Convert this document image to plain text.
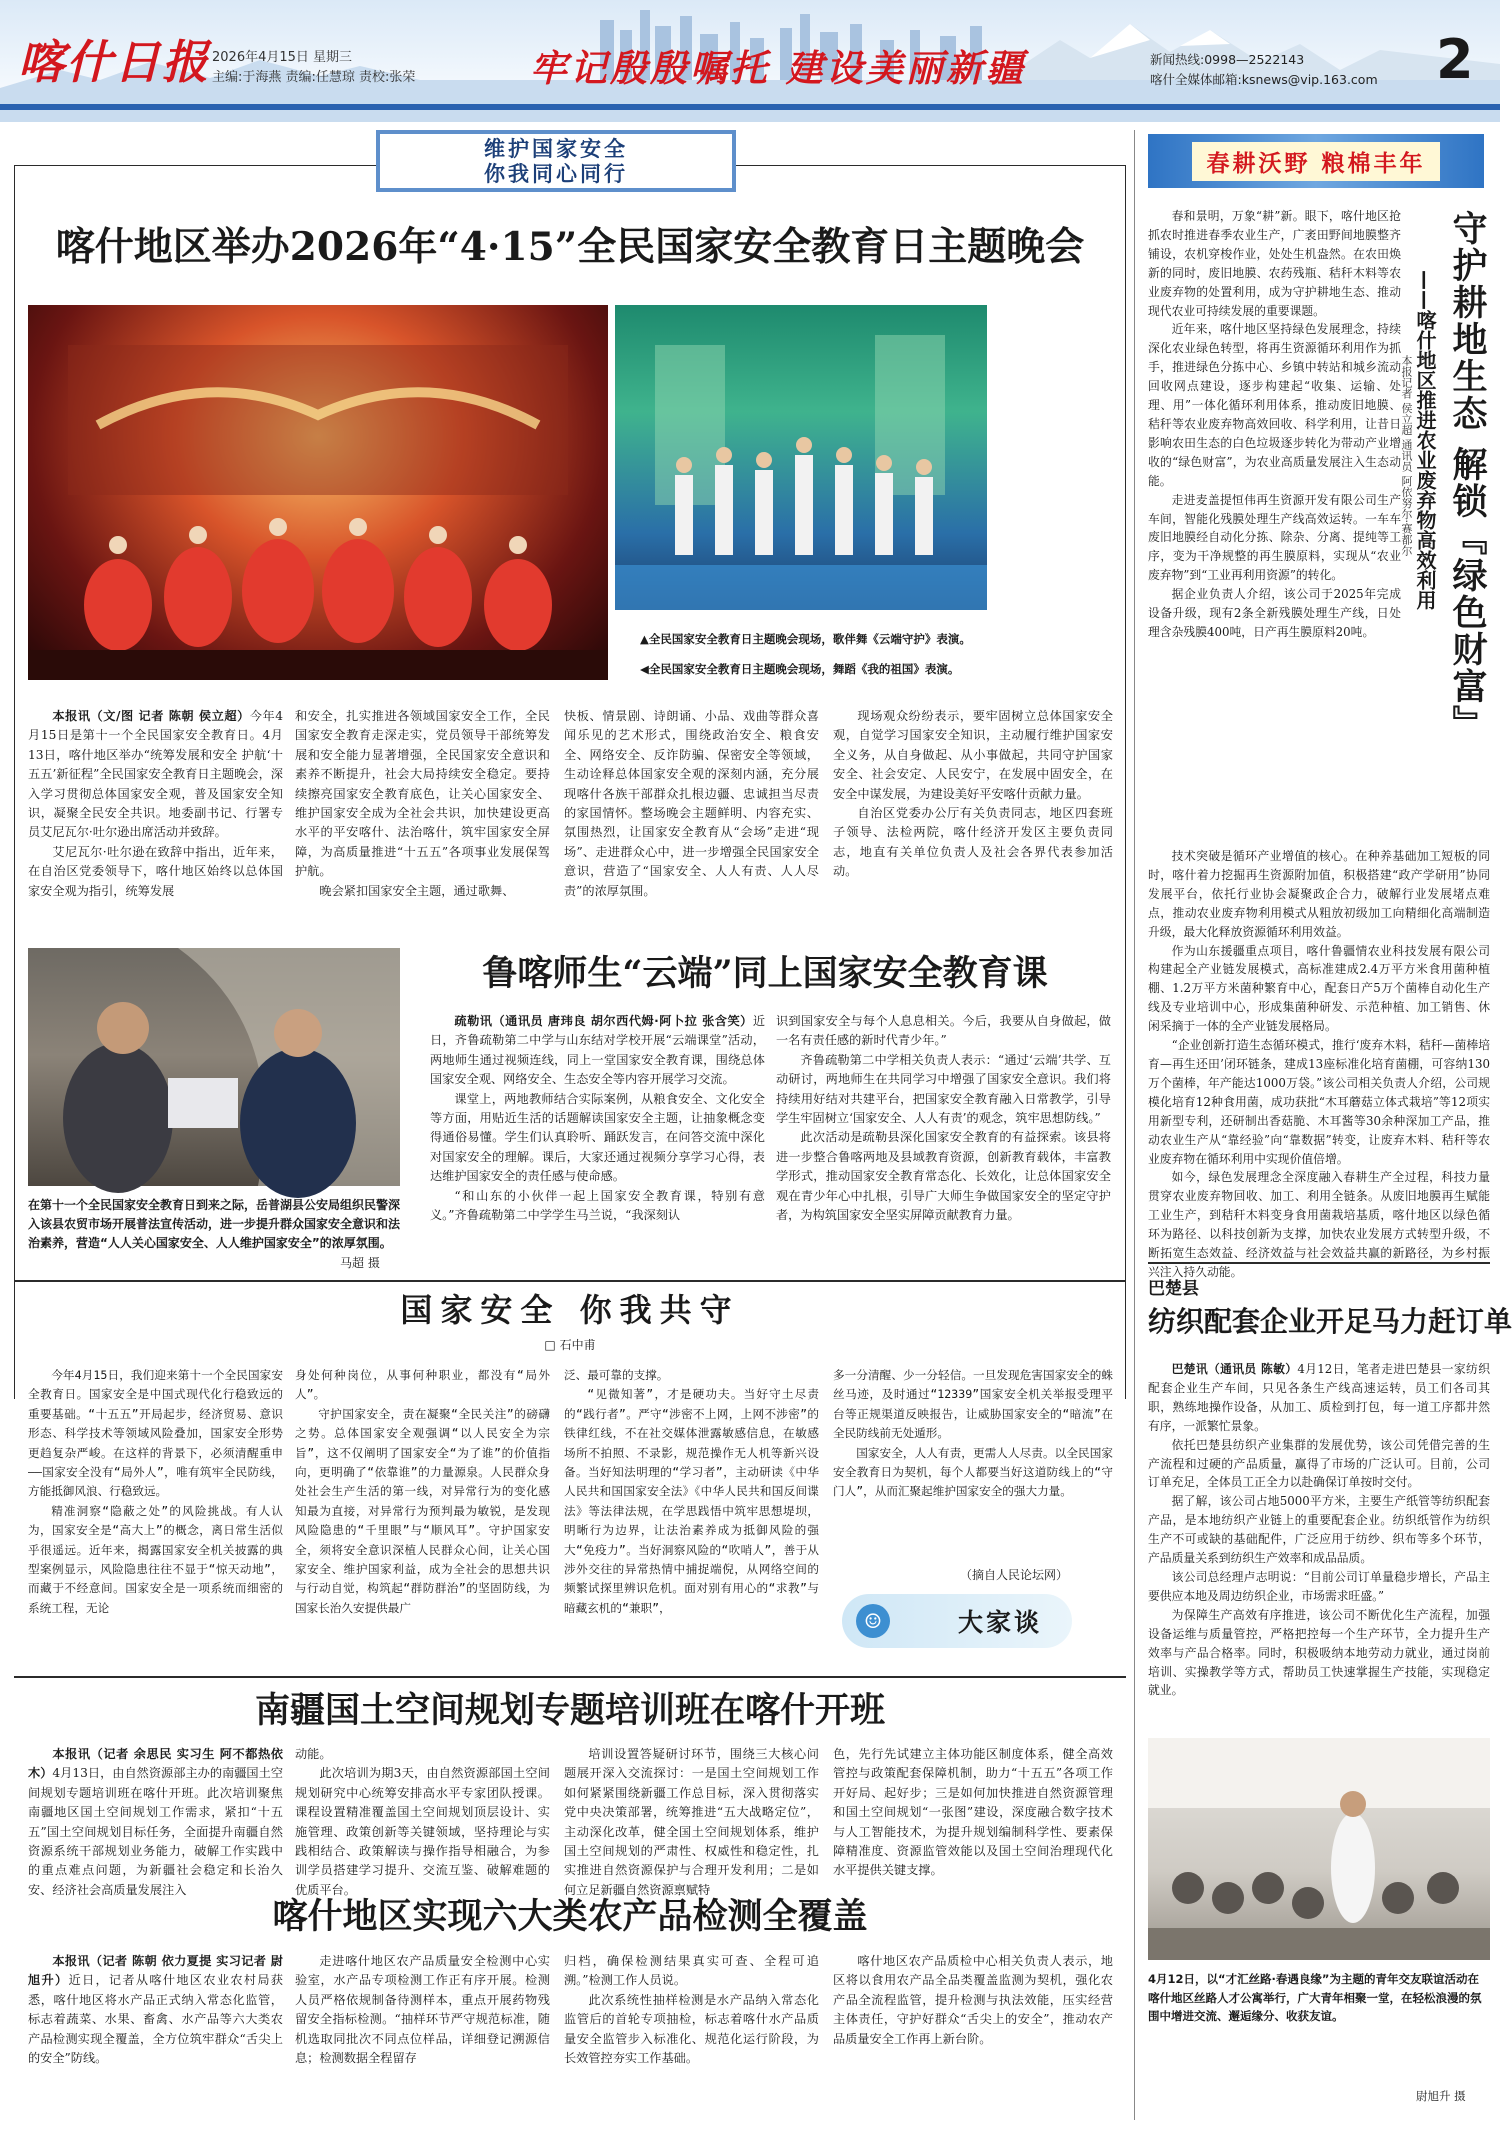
喀什日报 2026年4月15日 星期三
主编:于海燕 责编:任慧琼 责校:张荣	牢记殷殷嘱托 建设美丽新疆	新闻热线:0998—2522143
喀什全媒体邮箱:ksnews@vip.163.com 2
维护国家安全
你我同心同行
喀什地区举办2026年“4·15”全民国家安全教育日主题晚会
▲全民国家安全教育日主题晚会现场，歌伴舞《云端守护》表演。
◀全民国家安全教育日主题晚会现场，舞蹈《我的祖国》表演。

本报讯（文/图 记者 陈朝 侯立超）今年4月15日是第十一个全民国家安全教育日。4月13日，喀什地区举办“统筹发展和安全 护航‘十五五’新征程”全民国家安全教育日主题晚会，深入学习贯彻总体国家安全观，普及国家安全知识，凝聚全民安全共识。地委副书记、行署专员艾尼瓦尔·吐尔逊出席活动并致辞。

艾尼瓦尔·吐尔逊在致辞中指出，近年来，在自治区党委领导下，喀什地区始终以总体国家安全观为指引，统筹发展

和安全，扎实推进各领域国家安全工作，全民国家安全教育走深走实，党员领导干部统筹发展和安全能力显著增强，全民国家安全意识和素养不断提升，社会大局持续安全稳定。要持续擦亮国家安全教育底色，让关心国家安全、维护国家安全成为全社会共识，加快建设更高水平的平安喀什、法治喀什，筑牢国家安全屏障，为高质量推进“十五五”各项事业发展保驾护航。

晚会紧扣国家安全主题，通过歌舞、

快板、情景剧、诗朗诵、小品、戏曲等群众喜闻乐见的艺术形式，围绕政治安全、粮食安全、网络安全、反诈防骗、保密安全等领域，生动诠释总体国家安全观的深刻内涵，充分展现喀什各族干部群众扎根边疆、忠诚担当尽责的家国情怀。整场晚会主题鲜明、内容充实、氛围热烈，让国家安全教育从“会场”走进“现场”、走进群众心中，进一步增强全民国家安全意识，营造了“国家安全、人人有责、人人尽责”的浓厚氛围。

现场观众纷纷表示，要牢固树立总体国家安全观，自觉学习国家安全知识，主动履行维护国家安全义务，从自身做起、从小事做起，共同守护国家安全、社会安定、人民安宁，在发展中固安全，在安全中谋发展，为建设美好平安喀什贡献力量。

自治区党委办公厅有关负责同志，地区四套班子领导、法检两院，喀什经济开发区主要负责同志，地直有关单位负责人及社会各界代表参加活动。

在第十一个全民国家安全教育日到来之际，岳普湖县公安局组织民警深入该县农贸市场开展普法宣传活动，进一步提升群众国家安全意识和法治素养，营造“人人关心国家安全、人人维护国家安全”的浓厚氛围。
马超 摄
鲁喀师生“云端”同上国家安全教育课

疏勒讯（通讯员 唐玮良 胡尔西代姆·阿卜拉 张含笑）近日，齐鲁疏勒第二中学与山东结对学校开展“云端课堂”活动，两地师生通过视频连线，同上一堂国家安全教育课，围绕总体国家安全观、网络安全、生态安全等内容开展学习交流。

课堂上，两地教师结合实际案例，从粮食安全、文化安全等方面，用贴近生活的话题解读国家安全主题，让抽象概念变得通俗易懂。学生们认真聆听、踊跃发言，在问答交流中深化对国家安全的理解。课后，大家还通过视频分享学习心得，表达维护国家安全的责任感与使命感。

“和山东的小伙伴一起上国家安全教育课，特别有意义。”齐鲁疏勒第二中学学生马兰说，“我深刻认

识到国家安全与每个人息息相关。今后，我要从自身做起，做一名有责任感的新时代青少年。”

齐鲁疏勒第二中学相关负责人表示：“通过‘云端’共学、互动研讨，两地师生在共同学习中增强了国家安全意识。我们将持续用好结对共建平台，把国家安全教育融入日常教学，引导学生牢固树立‘国家安全、人人有责’的观念，筑牢思想防线。”

此次活动是疏勒县深化国家安全教育的有益探索。该县将进一步整合鲁喀两地及县域教育资源，创新教育载体，丰富教学形式，推动国家安全教育常态化、长效化，让总体国家安全观在青少年心中扎根，引导广大师生争做国家安全的坚定守护者，为构筑国家安全坚实屏障贡献教育力量。

国家安全 你我共守
□ 石中甫

今年4月15日，我们迎来第十一个全民国家安全教育日。国家安全是中国式现代化行稳致远的重要基础。“十五五”开局起步，经济贸易、意识形态、科学技术等领域风险叠加，国家安全形势更趋复杂严峻。在这样的背景下，必须清醒重申——国家安全没有“局外人”，唯有筑牢全民防线，方能抵御风浪、行稳致远。

精准洞察“隐蔽之处”的风险挑战。有人认为，国家安全是“高大上”的概念，离日常生活似乎很遥远。近年来，揭露国家安全机关披露的典型案例显示，风险隐患往往不显于“惊天动地”，而藏于不经意间。国家安全是一项系统而细密的系统工程，无论

身处何种岗位，从事何种职业，都没有“局外人”。

守护国家安全，责在凝聚“全民关注”的磅礴之势。总体国家安全观强调“以人民安全为宗旨”，这不仅阐明了国家安全“为了谁”的价值指向，更明确了“依靠谁”的力量源泉。人民群众身处社会生产生活的第一线，对异常行为的变化感知最为直接，对异常行为预判最为敏锐，是发现风险隐患的“千里眼”与“顺风耳”。守护国家安全，须将安全意识深植人民群众心间，让关心国家安全、维护国家利益，成为全社会的思想共识与行动自觉，构筑起“群防群治”的坚固防线，为国家长治久安提供最广

泛、最可靠的支撑。

“见微知著”，才是硬功夫。当好守土尽责的“践行者”。严守“涉密不上网，上网不涉密”的铁律红线，不在社交媒体泄露敏感信息，在敏感场所不拍照、不录影，规范操作无人机等新兴设备。当好知法明理的“学习者”，主动研读《中华人民共和国国家安全法》《中华人民共和国反间谍法》等法律法规，在学思践悟中筑牢思想堤坝，明晰行为边界，让法治素养成为抵御风险的强大“免疫力”。当好洞察风险的“吹哨人”，善于从涉外交往的异常热情中捕捉端倪，从网络空间的频繁试探里辨识危机。面对别有用心的“求教”与暗藏玄机的“兼职”，

多一分清醒、少一分轻信。一旦发现危害国家安全的蛛丝马迹，及时通过“12339”国家安全机关举报受理平台等正规渠道反映报告，让威胁国家安全的“暗流”在全民防线前无处遁形。

国家安全，人人有责，更需人人尽责。以全民国家安全教育日为契机，每个人都要当好这道防线上的“守门人”，从而汇聚起维护国家安全的强大力量。

（摘自人民论坛网）
☺	大家谈
南疆国土空间规划专题培训班在喀什开班

本报讯（记者 余思民 实习生 阿不都热依木）4月13日，由自然资源部主办的南疆国土空间规划专题培训班在喀什开班。此次培训聚焦南疆地区国土空间规划工作需求，紧扣“十五五”国土空间规划目标任务，全面提升南疆自然资源系统干部规划业务能力，破解工作实践中的重点难点问题，为新疆社会稳定和长治久安、经济社会高质量发展注入

动能。

此次培训为期3天，由自然资源部国土空间规划研究中心统筹安排高水平专家团队授课。课程设置精准覆盖国土空间规划顶层设计、实施管理、政策创新等关键领域，坚持理论与实践相结合、政策解读与操作指导相融合，为参训学员搭建学习提升、交流互鉴、破解难题的优质平台。

培训设置答疑研讨环节，围绕三大核心问题展开深入交流探讨：一是国土空间规划工作如何紧紧围绕新疆工作总目标，深入贯彻落实党中央决策部署，统筹推进“五大战略定位”，主动深化改革，健全国土空间规划体系，维护国土空间规划的严肃性、权威性和稳定性，扎实推进自然资源保护与合理开发利用；二是如何立足新疆自然资源禀赋特

色，先行先试建立主体功能区制度体系，健全高效管控与政策配套保障机制，助力“十五五”各项工作开好局、起好步；三是如何加快推进自然资源管理和国土空间规划“一张图”建设，深度融合数字技术与人工智能技术，为提升规划编制科学性、要素保障精准度、资源监管效能以及国土空间治理现代化水平提供关键支撑。

喀什地区实现六大类农产品检测全覆盖

本报讯（记者 陈朝 依力夏提 实习记者 尉旭升）近日，记者从喀什地区农业农村局获悉，喀什地区将水产品正式纳入常态化监管，标志着蔬菜、水果、畜禽、水产品等六大类农产品检测实现全覆盖，全方位筑牢群众“舌尖上的安全”防线。

走进喀什地区农产品质量安全检测中心实验室，水产品专项检测工作正有序开展。检测人员严格依规制备待测样本，重点开展药物残留安全指标检测。“抽样环节严守规范标准，随机选取同批次不同点位样品，详细登记溯源信息；检测数据全程留存

归档，确保检测结果真实可查、全程可追溯。”检测工作人员说。

此次系统性抽样检测是水产品纳入常态化监管后的首轮专项抽检，标志着喀什水产品质量安全监管步入标准化、规范化运行阶段，为长效管控夯实工作基础。

喀什地区农产品质检中心相关负责人表示，地区将以食用农产品全品类覆盖监测为契机，强化农产品全流程监管，提升检测与执法效能，压实经营主体责任，守护好群众“舌尖上的安全”，推动农产品质量安全工作再上新台阶。

春耕沃野 粮棉丰年

春和景明，万象“耕”新。眼下，喀什地区抢抓农时推进春季农业生产，广袤田野间地膜整齐铺设，农机穿梭作业，处处生机盎然。在农田焕新的同时，废旧地膜、农药残瓶、秸秆木料等农业废弃物的处置利用，成为守护耕地生态、推动现代农业可持续发展的重要课题。

近年来，喀什地区坚持绿色发展理念，持续深化农业绿色转型，将再生资源循环利用作为抓手，推进绿色分拣中心、乡镇中转站和城乡流动回收网点建设，逐步构建起“收集、运输、处理、用”一体化循环利用体系，推动废旧地膜、秸秆等农业废弃物高效回收、科学利用，让昔日影响农田生态的白色垃圾逐步转化为带动产业增收的“绿色财富”，为农业高质量发展注入生态动能。

走进麦盖提恒伟再生资源开发有限公司生产车间，智能化残膜处理生产线高效运转。一车车废旧地膜经自动化分拣、除杂、分离、提纯等工序，变为干净规整的再生膜原料，实现从“农业废弃物”到“工业再利用资源”的转化。

据企业负责人介绍，该公司于2025年完成设备升级，现有2条全新残膜处理生产线，日处理含杂残膜400吨，日产再生膜原料20吨。	守护耕地生态 解锁『绿色财富』
——喀什地区推进农业废弃物高效利用
本报记者 侯立超 通讯员 阿依努尔·赛都尔

技术突破是循环产业增值的核心。在种养基础加工短板的同时，喀什着力挖掘再生资源附加值，积极搭建“政产学研用”协同发展平台，依托行业协会凝聚政企合力，破解行业发展堵点难点，推动农业废弃物利用模式从粗放初级加工向精细化高端制造升级，最大化释放资源循环利用效益。

作为山东援疆重点项目，喀什鲁疆情农业科技发展有限公司构建起全产业链发展模式，高标准建成2.4万平方米食用菌种植棚、1.2万平方米菌种繁育中心，配套日产5万个菌棒自动化生产线及专业培训中心，形成集菌种研发、示范种植、加工销售、休闲采摘于一体的全产业链发展格局。

“企业创新打造生态循环模式，推行‘废弃木料，秸秆—菌棒培育—再生还田’闭环链条，建成13座标准化培育菌棚，可容纳130万个菌棒，年产能达1000万袋。”该公司相关负责人介绍，公司规模化培育12种食用菌，成功获批“木耳蘑菇立体式栽培”等12项实用新型专利，还研制出香菇脆、木耳酱等30余种深加工产品，推动农业生产从“靠经验”向“靠数据”转变，让废弃木料、秸秆等农业废弃物在循环利用中实现价值倍增。

如今，绿色发展理念全深度融入春耕生产全过程，科技力量贯穿农业废弃物回收、加工、利用全链条。从废旧地膜再生赋能工业生产，到秸秆木料变身食用菌栽培基质，喀什地区以绿色循环为路径、以科技创新为支撑，加快农业发展方式转型升级，不断拓宽生态效益、经济效益与社会效益共赢的新路径，为乡村振兴注入持久动能。

巴楚县
纺织配套企业开足马力赶订单

巴楚讯（通讯员 陈敏）4月12日，笔者走进巴楚县一家纺织配套企业生产车间，只见各条生产线高速运转，员工们各司其职，熟练地操作设备，从加工、质检到打包，每一道工序都井然有序，一派繁忙景象。

依托巴楚县纺织产业集群的发展优势，该公司凭借完善的生产流程和过硬的产品质量，赢得了市场的广泛认可。目前，公司订单充足，全体员工正全力以赴确保订单按时交付。

据了解，该公司占地5000平方米，主要生产纸管等纺织配套产品，是本地纺织产业链上的重要配套企业。纺织纸管作为纺织生产不可或缺的基础配件，广泛应用于纺纱、织布等多个环节，产品质量关系到纺织生产效率和成品品质。

该公司总经理卢志明说：“目前公司订单量稳步增长，产品主要供应本地及周边纺织企业，市场需求旺盛。”

为保障生产高效有序推进，该公司不断优化生产流程，加强设备运维与质量管控，严格把控每一个生产环节，全力提升生产效率与产品合格率。同时，积极吸纳本地劳动力就业，通过岗前培训、实操教学等方式，帮助员工快速掌握生产技能，实现稳定就业。

4月12日，以“才汇丝路·春遇良缘”为主题的青年交友联谊活动在喀什地区丝路人才公寓举行，广大青年相聚一堂，在轻松浪漫的氛围中增进交流、邂逅缘分、收获友谊。
尉旭升 摄
